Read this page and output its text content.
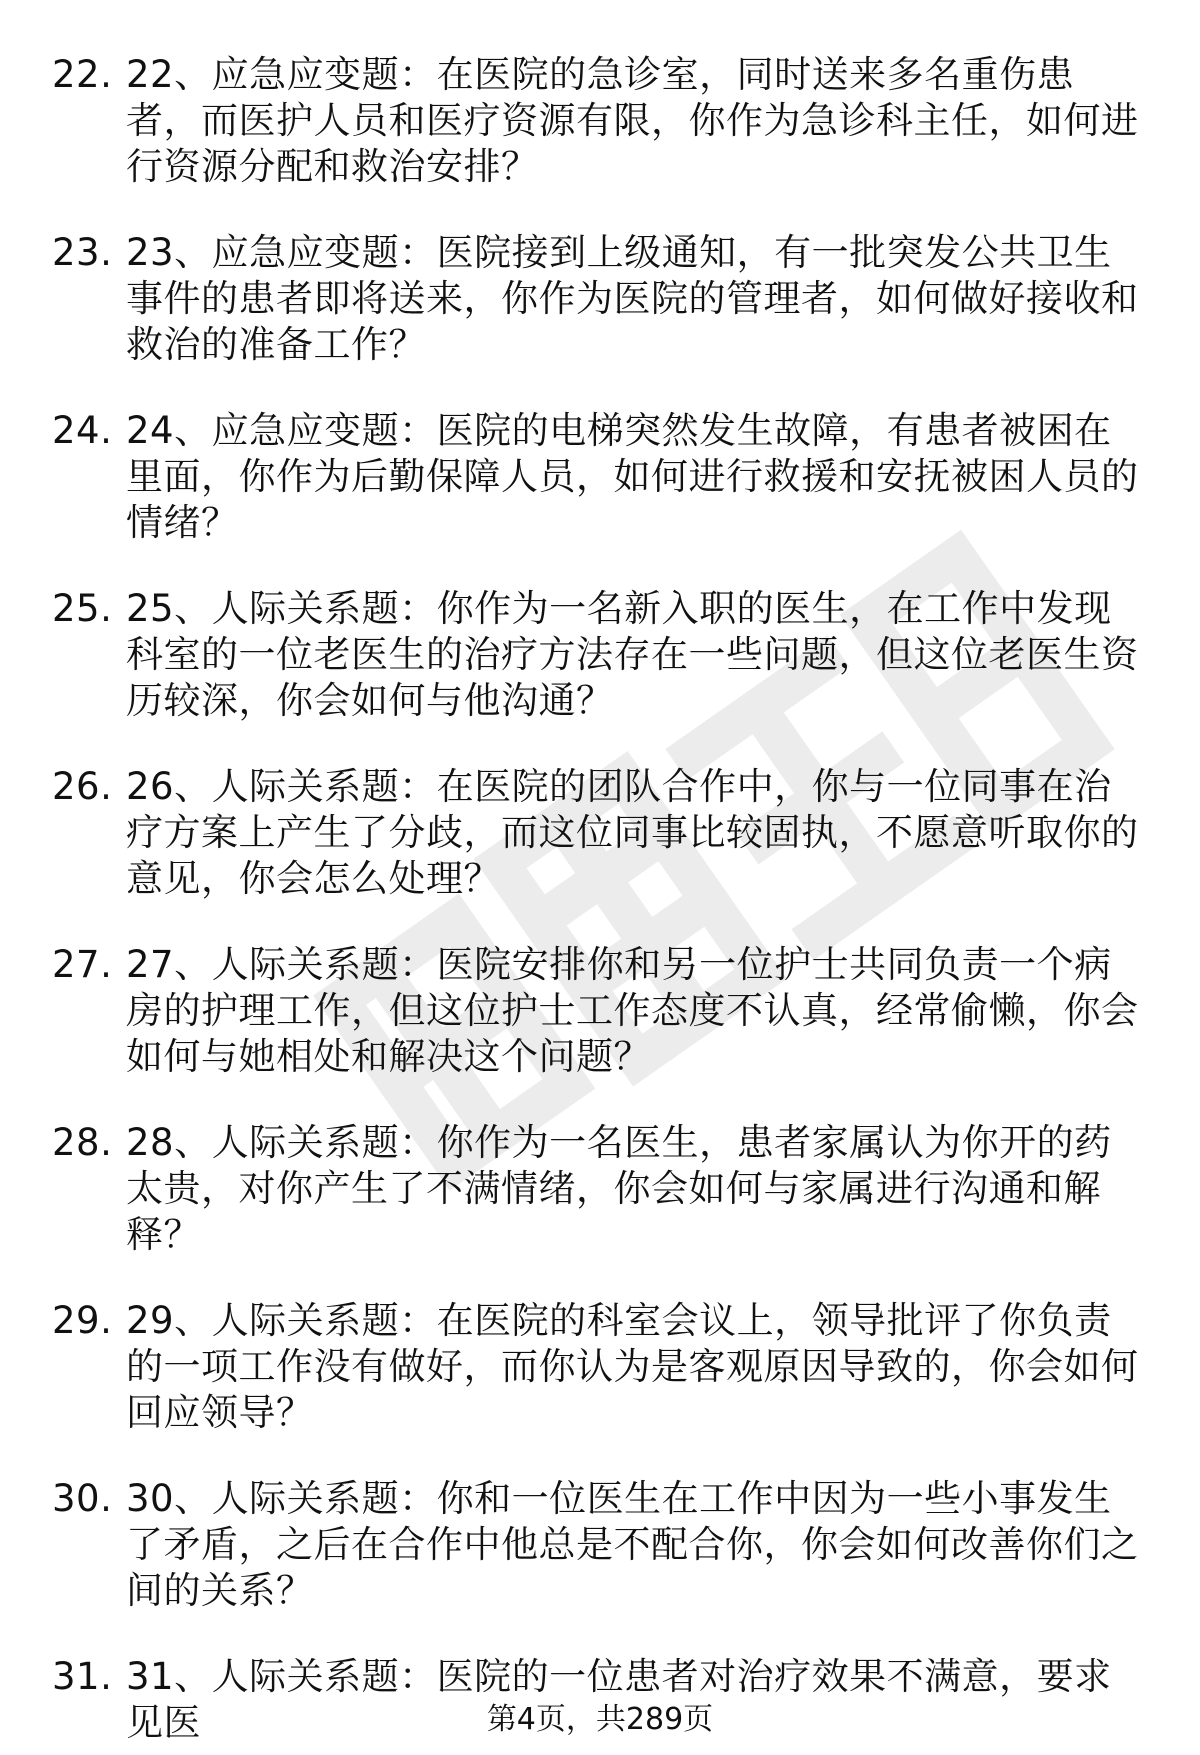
22. 22、应急应变题：在医院的急诊室，同时送来多名重伤患者，而医护人员和医疗资源有限，你作为急诊科主任，如何进行资源分配和救治安排？
23. 23、应急应变题：医院接到上级通知，有一批突发公共卫生事件的患者即将送来，你作为医院的管理者，如何做好接收和救治的准备工作？
24. 24、应急应变题：医院的电梯突然发生故障，有患者被困在里面，你作为后勤保障人员，如何进行救援和安抚被困人员的情绪？
25. 25、人际关系题：你作为一名新入职的医生，在工作中发现科室的一位老医生的治疗方法存在一些问题，但这位老医生资历较深，你会如何与他沟通？
26. 26、人际关系题：在医院的团队合作中，你与一位同事在治疗方案上产生了分歧，而这位同事比较固执，不愿意听取你的意见，你会怎么处理？
27. 27、人际关系题：医院安排你和另一位护士共同负责一个病房的护理工作，但这位护士工作态度不认真，经常偷懒，你会如何与她相处和解决这个问题？
28. 28、人际关系题：你作为一名医生，患者家属认为你开的药太贵，对你产生了不满情绪，你会如何与家属进行沟通和解释？
29. 29、人际关系题：在医院的科室会议上，领导批评了你负责的一项工作没有做好，而你认为是客观原因导致的，你会如何回应领导？
30. 30、人际关系题：你和一位医生在工作中因为一些小事发生了矛盾，之后在合作中他总是不配合你，你会如何改善你们之间的关系？
31. 31、人际关系题：医院的一位患者对治疗效果不满意，要求见医	第4页，共289页
